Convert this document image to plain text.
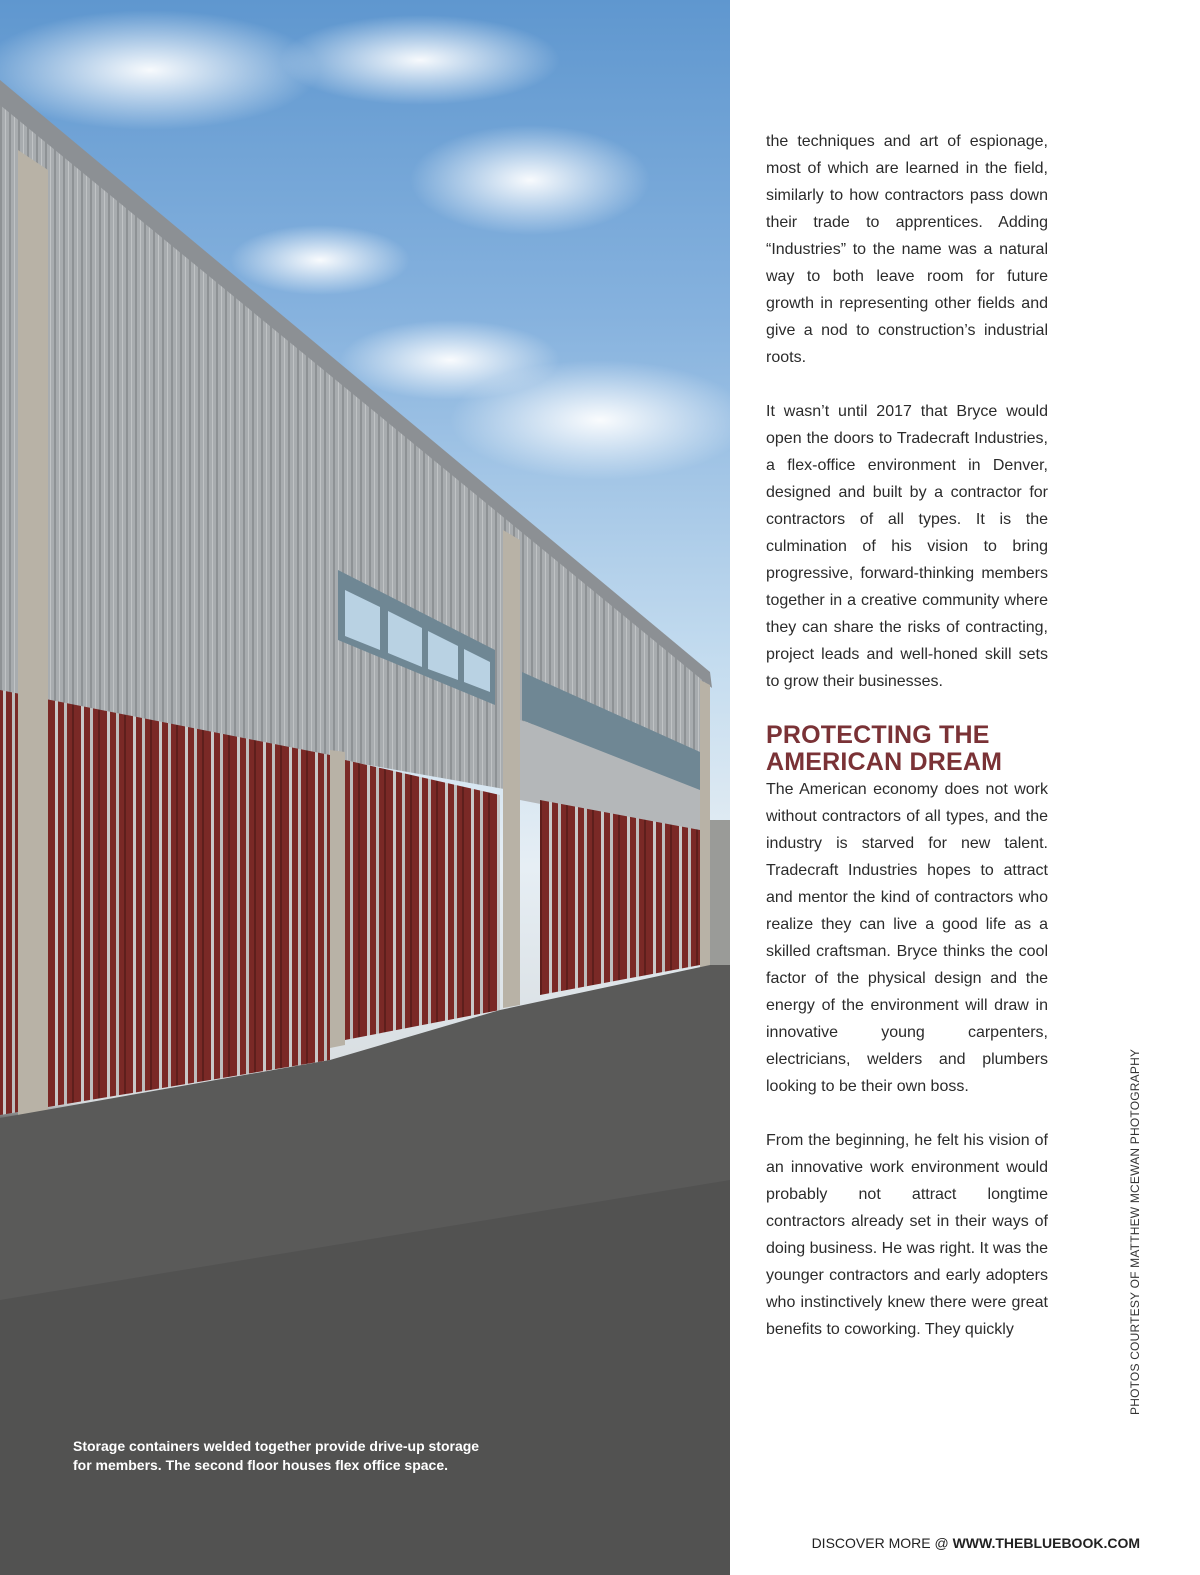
Storage containers welded together provide drive-up storage
for members. The second floor houses flex office space.

the techniques and art of espionage, most of which are learned in the field, similarly to how contractors pass down their trade to apprentices. Adding “Industries” to the name was a natural way to both leave room for future growth in representing other fields and give a nod to construction’s industrial roots.

It wasn’t until 2017 that Bryce would open the doors to Tradecraft Industries, a flex-office environment in Denver, designed and built by a contractor for contractors of all types. It is the culmination of his vision to bring progressive, forward-thinking members together in a creative community where they can share the risks of contracting, project leads and well-honed skill sets to grow their businesses.

PROTECTING THE
AMERICAN DREAM

The American economy does not work without contractors of all types, and the industry is starved for new talent. Tradecraft Industries hopes to attract and mentor the kind of contractors who realize they can live a good life as a skilled craftsman. Bryce thinks the cool factor of the physical design and the energy of the environment will draw in innovative young carpenters, electricians, welders and plumbers looking to be their own boss.

From the beginning, he felt his vision of an innovative work environment would probably not attract longtime contractors already set in their ways of doing business. He was right. It was the younger contractors and early adopters who instinctively knew there were great benefits to coworking. They quickly	PHOTOS COURTESY OF MATTHEW MCEWAN PHOTOGRAPHY
DISCOVER MORE @ WWW.THEBLUEBOOK.COM
